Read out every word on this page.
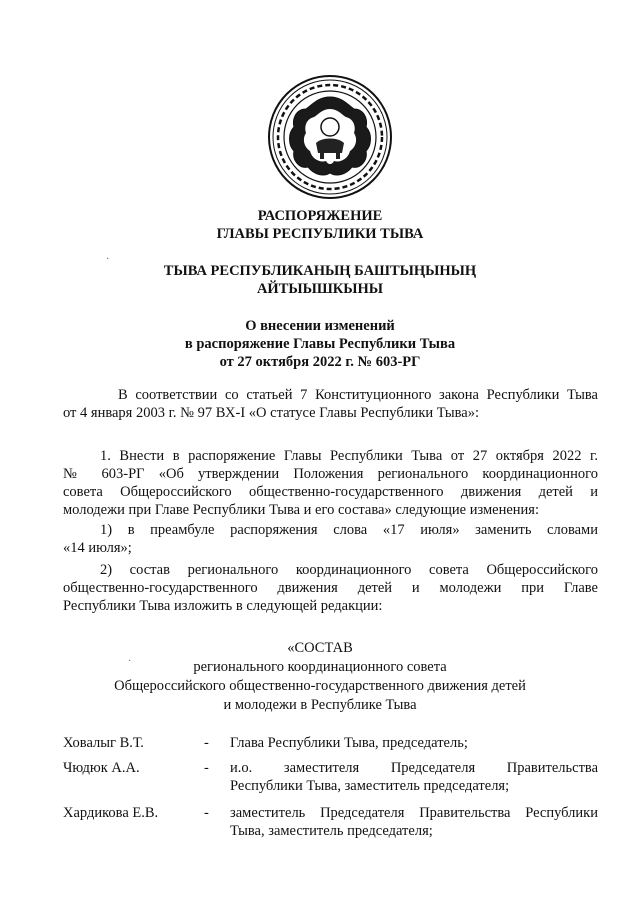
РАСПОРЯЖЕНИЕ
ГЛАВЫ РЕСПУБЛИКИ ТЫВА
·
ТЫВА РЕСПУБЛИКАНЫҢ БАШТЫҢЫНЫҢ
АЙТЫЫШКЫНЫ
О внесении изменений
в распоряжение Главы Республики Тыва
от 27 октября 2022 г. № 603-РГ
В соответствии со статьей 7 Конституционного закона Республики Тыва
от 4 января 2003 г. № 97 ВХ-I «О статусе Главы Республики Тыва»:
1. Внести в распоряжение Главы Республики Тыва от 27 октября 2022 г.
№ 603-РГ «Об утверждении Положения регионального координационного
совета Общероссийского общественно-государственного движения детей и
молодежи при Главе Республики Тыва и его состава» следующие изменения:
1) в преамбуле распоряжения слова «17 июля» заменить словами
«14 июля»;
2) состав регионального координационного совета Общероссийского
общественно-государственного движения детей и молодежи при Главе
Республики Тыва изложить в следующей редакции:
«СОСТАВ
·	регионального координационного совета
Общероссийского общественно-государственного движения детей
и молодежи в Республике Тыва
Ховалыг В.Т.	- Глава Республики Тыва, председатель;
Чюдюк А.А.	- и.о. заместителя Председателя Правительства
Республики Тыва, заместитель председателя;
Хардикова Е.В.	- заместитель Председателя Правительства Республики
Тыва, заместитель председателя;
